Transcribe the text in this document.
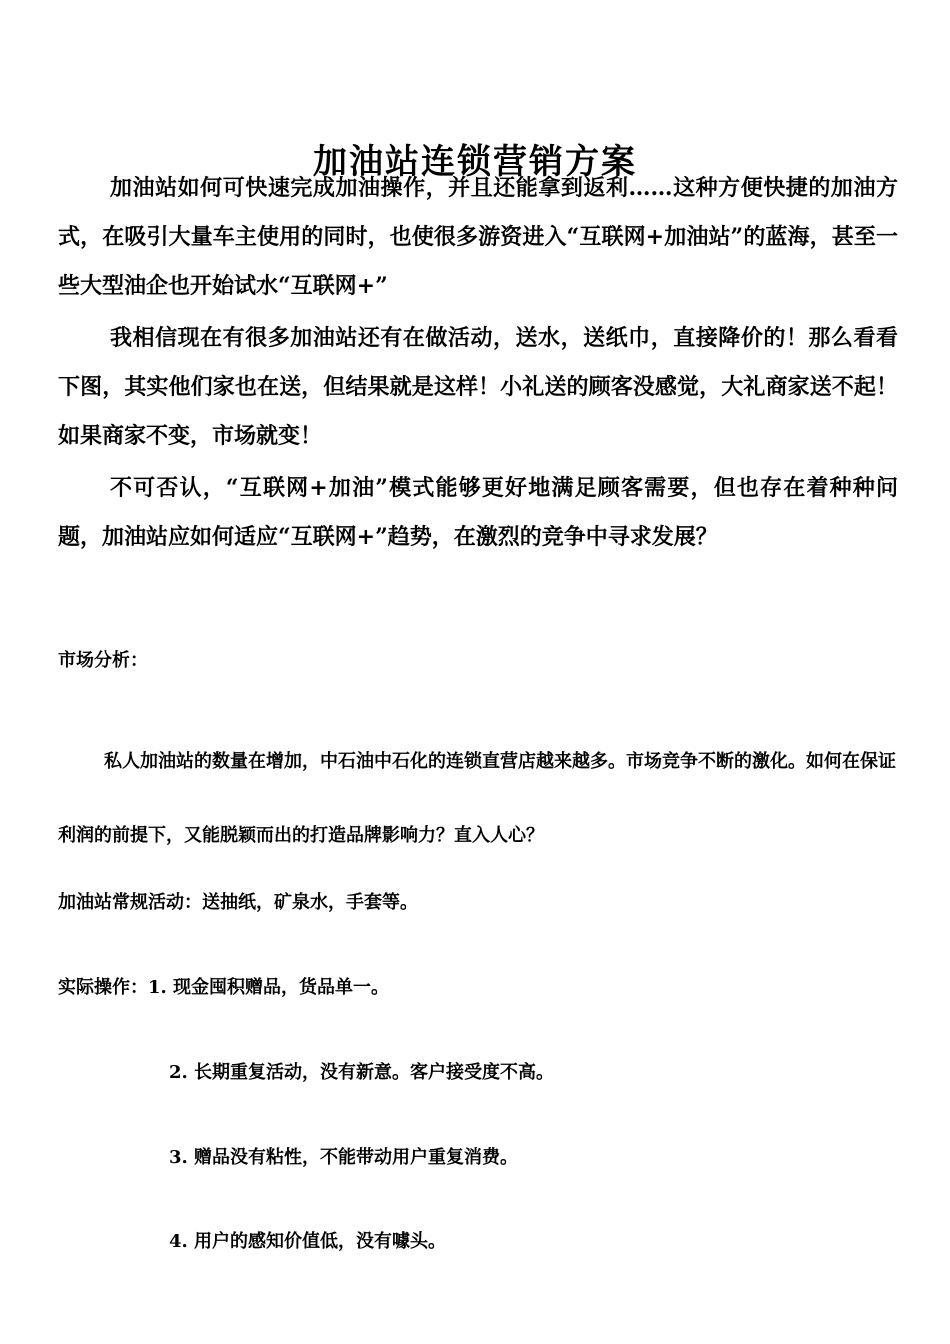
加油站连锁营销方案

加油站如何可快速完成加油操作，并且还能拿到返利……这种方便快捷的加油方式，在吸引大量车主使用的同时，也使很多游资进入“互联网+加油站”的蓝海，甚至一些大型油企也开始试水“互联网+”

我相信现在有很多加油站还有在做活动，送水，送纸巾，直接降价的！那么看看下图，其实他们家也在送，但结果就是这样！小礼送的顾客没感觉，大礼商家送不起！如果商家不变，市场就变！

不可否认，“互联网+加油”模式能够更好地满足顾客需要，但也存在着种种问题，加油站应如何适应“互联网+”趋势，在激烈的竞争中寻求发展？

市场分析：

私人加油站的数量在增加，中石油中石化的连锁直营店越来越多。市场竞争不断的激化。如何在保证利润的前提下，又能脱颖而出的打造品牌影响力？直入人心？

加油站常规活动：送抽纸，矿泉水，手套等。

实际操作：1. 现金囤积赠品，货品单一。

2. 长期重复活动，没有新意。客户接受度不高。

3. 赠品没有粘性，不能带动用户重复消费。

4. 用户的感知价值低，没有噱头。
